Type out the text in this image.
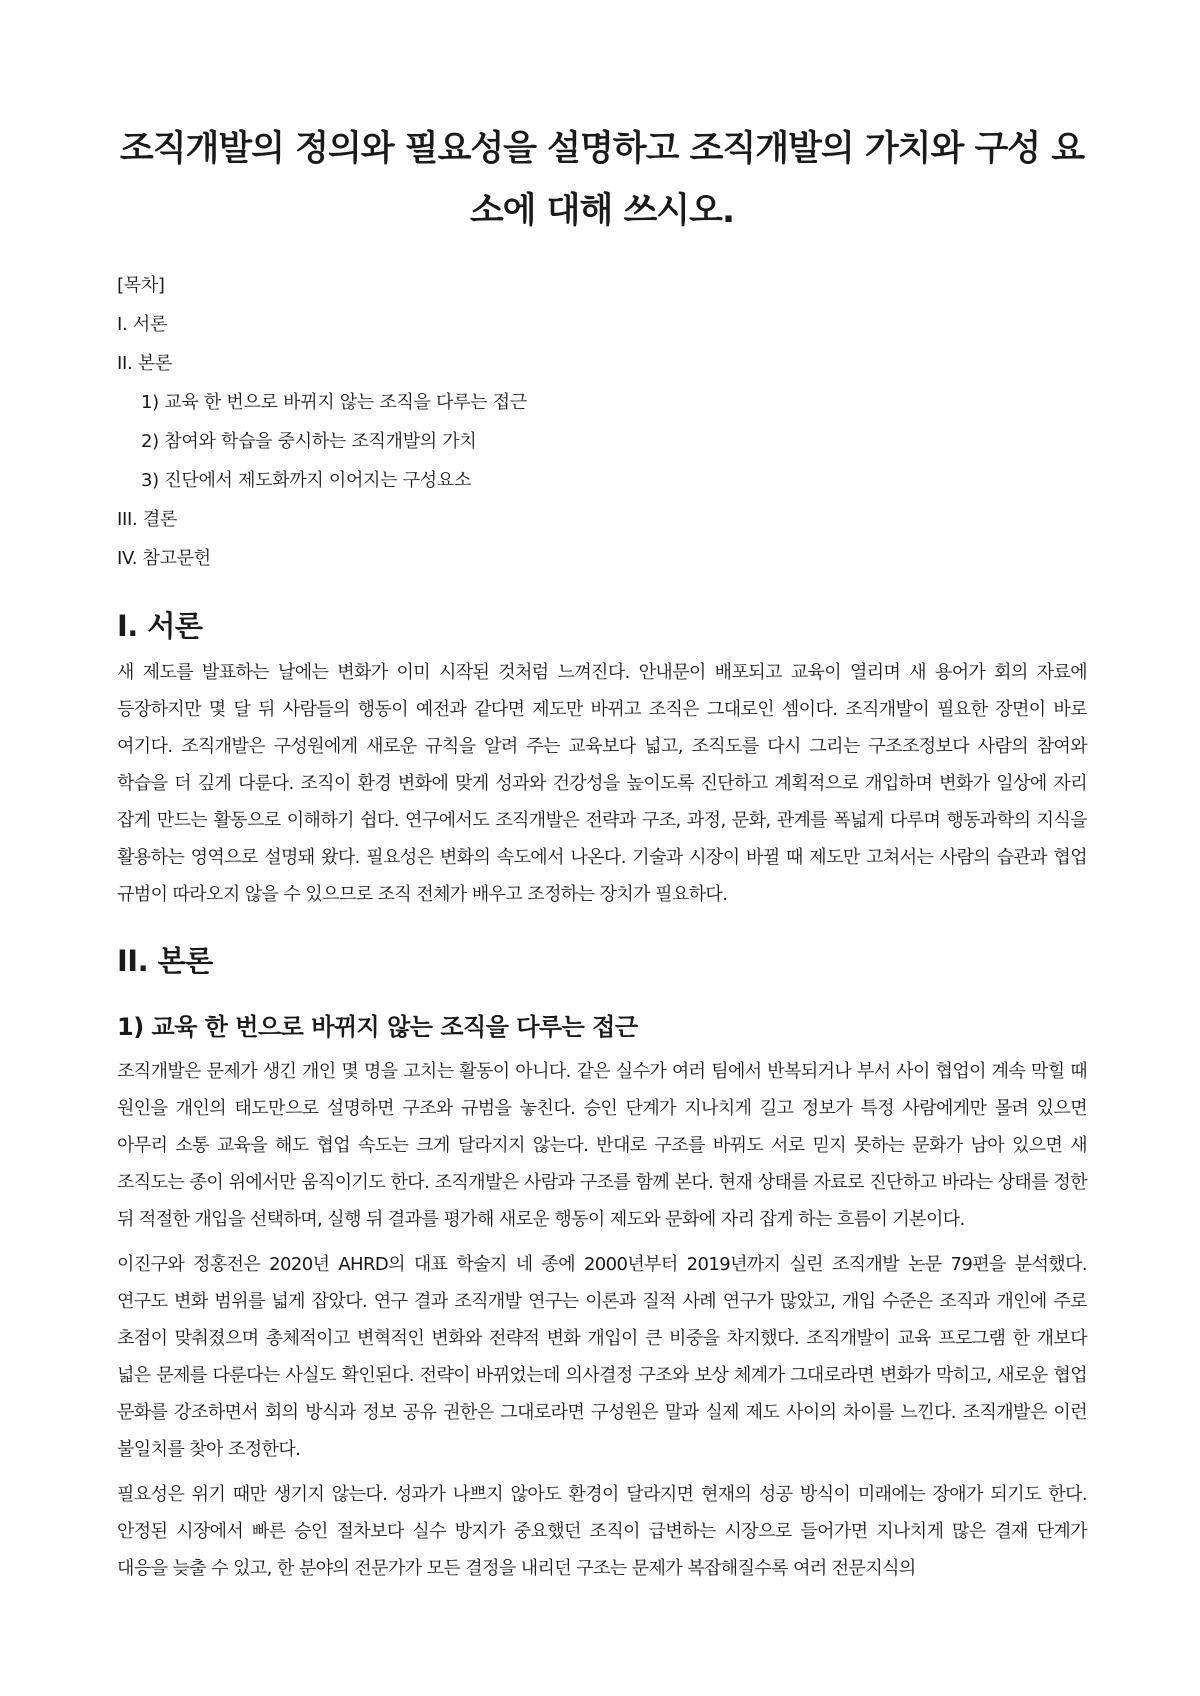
조직개발의 정의와 필요성을 설명하고 조직개발의 가치와 구성 요소에 대해 쓰시오.
[목차]
I. 서론
II. 본론
1) 교육 한 번으로 바뀌지 않는 조직을 다루는 접근
2) 참여와 학습을 중시하는 조직개발의 가치
3) 진단에서 제도화까지 이어지는 구성요소
III. 결론
IV. 참고문헌
I. 서론

새 제도를 발표하는 날에는 변화가 이미 시작된 것처럼 느껴진다. 안내문이 배포되고 교육이 열리며 새 용어가 회의 자료에 등장하지만 몇 달 뒤 사람들의 행동이 예전과 같다면 제도만 바뀌고 조직은 그대로인 셈이다. 조직개발이 필요한 장면이 바로 여기다. 조직개발은 구성원에게 새로운 규칙을 알려 주는 교육보다 넓고, 조직도를 다시 그리는 구조조정보다 사람의 참여와 학습을 더 깊게 다룬다. 조직이 환경 변화에 맞게 성과와 건강성을 높이도록 진단하고 계획적으로 개입하며 변화가 일상에 자리 잡게 만드는 활동으로 이해하기 쉽다. 연구에서도 조직개발은 전략과 구조, 과정, 문화, 관계를 폭넓게 다루며 행동과학의 지식을 활용하는 영역으로 설명돼 왔다. 필요성은 변화의 속도에서 나온다. 기술과 시장이 바뀔 때 제도만 고쳐서는 사람의 습관과 협업 규범이 따라오지 않을 수 있으므로 조직 전체가 배우고 조정하는 장치가 필요하다.

II. 본론
1) 교육 한 번으로 바뀌지 않는 조직을 다루는 접근

조직개발은 문제가 생긴 개인 몇 명을 고치는 활동이 아니다. 같은 실수가 여러 팀에서 반복되거나 부서 사이 협업이 계속 막힐 때 원인을 개인의 태도만으로 설명하면 구조와 규범을 놓친다. 승인 단계가 지나치게 길고 정보가 특정 사람에게만 몰려 있으면 아무리 소통 교육을 해도 협업 속도는 크게 달라지지 않는다. 반대로 구조를 바꿔도 서로 믿지 못하는 문화가 남아 있으면 새 조직도는 종이 위에서만 움직이기도 한다. 조직개발은 사람과 구조를 함께 본다. 현재 상태를 자료로 진단하고 바라는 상태를 정한 뒤 적절한 개입을 선택하며, 실행 뒤 결과를 평가해 새로운 행동이 제도와 문화에 자리 잡게 하는 흐름이 기본이다.

이진구와 정홍전은 2020년 AHRD의 대표 학술지 네 종에 2000년부터 2019년까지 실린 조직개발 논문 79편을 분석했다. 연구도 변화 범위를 넓게 잡았다. 연구 결과 조직개발 연구는 이론과 질적 사례 연구가 많았고, 개입 수준은 조직과 개인에 주로 초점이 맞춰졌으며 총체적이고 변혁적인 변화와 전략적 변화 개입이 큰 비중을 차지했다. 조직개발이 교육 프로그램 한 개보다 넓은 문제를 다룬다는 사실도 확인된다. 전략이 바뀌었는데 의사결정 구조와 보상 체계가 그대로라면 변화가 막히고, 새로운 협업 문화를 강조하면서 회의 방식과 정보 공유 권한은 그대로라면 구성원은 말과 실제 제도 사이의 차이를 느낀다. 조직개발은 이런 불일치를 찾아 조정한다.

필요성은 위기 때만 생기지 않는다. 성과가 나쁘지 않아도 환경이 달라지면 현재의 성공 방식이 미래에는 장애가 되기도 한다. 안정된 시장에서 빠른 승인 절차보다 실수 방지가 중요했던 조직이 급변하는 시장으로 들어가면 지나치게 많은 결재 단계가 대응을 늦출 수 있고, 한 분야의 전문가가 모든 결정을 내리던 구조는 문제가 복잡해질수록 여러 전문지식의
